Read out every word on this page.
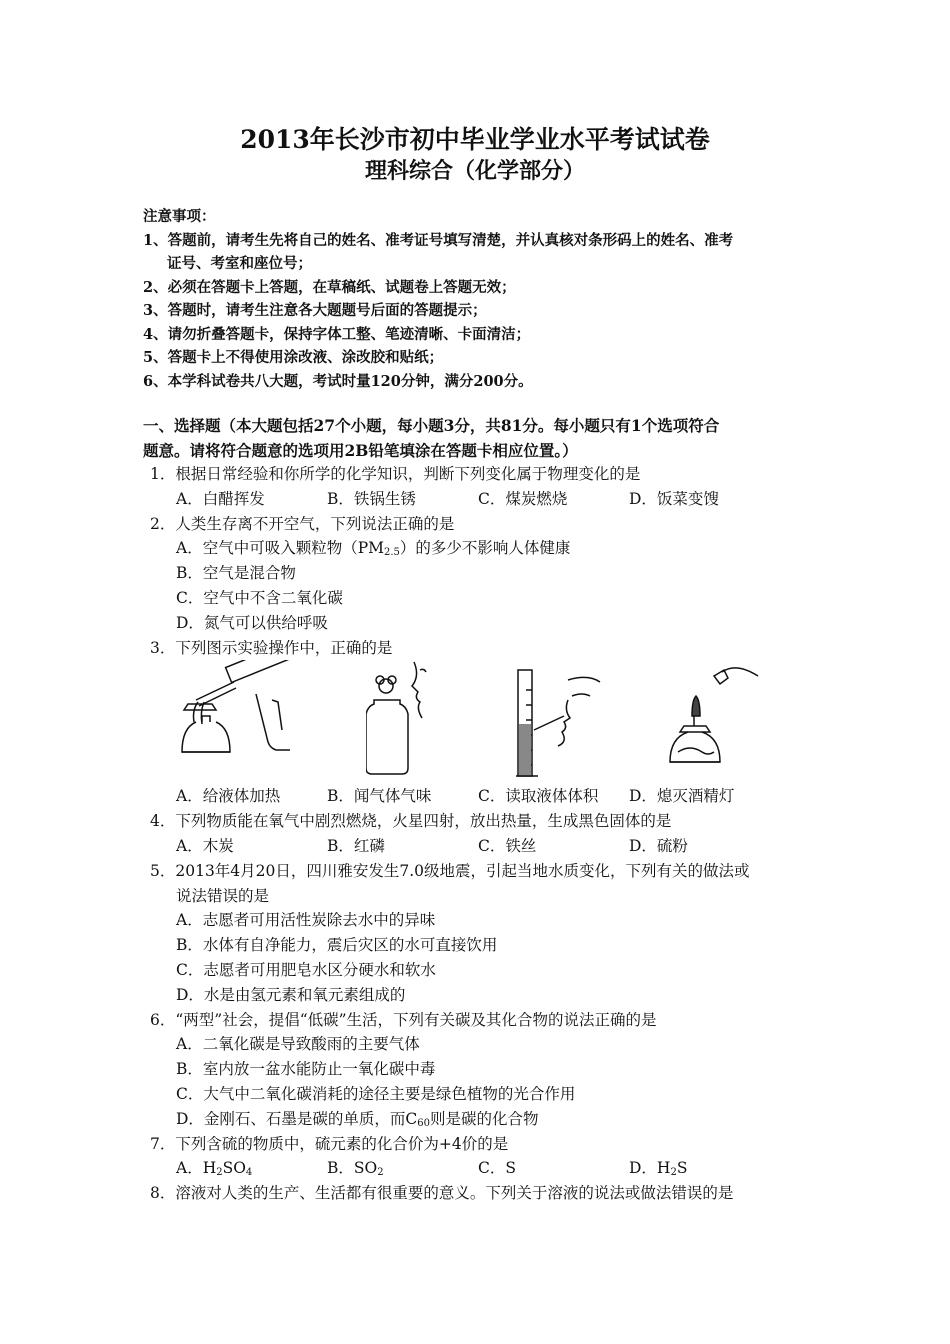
2013年长沙市初中毕业学业水平考试试卷
理科综合（化学部分）
注意事项：
1、答题前，请考生先将自己的姓名、准考证号填写清楚，并认真核对条形码上的姓名、准考
证号、考室和座位号；
2、必须在答题卡上答题，在草稿纸、试题卷上答题无效；
3、答题时，请考生注意各大题题号后面的答题提示；
4、请勿折叠答题卡，保持字体工整、笔迹清晰、卡面清洁；
5、答题卡上不得使用涂改液、涂改胶和贴纸；
6、本学科试卷共八大题，考试时量120分钟，满分200分。
一、选择题（本大题包括27个小题，每小题3分，共81分。每小题只有1个选项符合
题意。请将符合题意的选项用2B铅笔填涂在答题卡相应位置。）
1．根据日常经验和你所学的化学知识，判断下列变化属于物理变化的是
A．白醋挥发	B．铁锅生锈	C．煤炭燃烧	D．饭菜变馊
2．人类生存离不开空气，下列说法正确的是
A．空气中可吸入颗粒物$(PM_{2.5})$的多少不影响人体健康
B．空气是混合物
C．空气中不含二氧化碳
D．氮气可以供给呼吸
3．下列图示实验操作中，正确的是
A．给液体加热	B．闻气体气味	C．读取液体体积	D．熄灭酒精灯
4．下列物质能在氧气中剧烈燃烧，火星四射，放出热量，生成黑色固体的是
A．木炭	B．红磷	C．铁丝	D．硫粉
5．2013年4月20日，四川雅安发生7.0级地震，引起当地水质变化，下列有关的做法或
说法错误的是
A．志愿者可用活性炭除去水中的异味
B．水体有自净能力，震后灾区的水可直接饮用
C．志愿者可用肥皂水区分硬水和软水
D．水是由氢元素和氧元素组成的
6．“两型”社会，提倡“低碳”生活，下列有关碳及其化合物的说法正确的是
A．二氧化碳是导致酸雨的主要气体
B．室内放一盆水能防止一氧化碳中毒
C．大气中二氧化碳消耗的途径主要是绿色植物的光合作用
D．金刚石、石墨是碳的单质，而$C_{60}$则是碳的化合物
7．下列含硫的物质中，硫元素的化合价为+4价的是
A．$H_2SO_4$	B．$SO_2$	C．S	D．$H_2S$
8．溶液对人类的生产、生活都有很重要的意义。下列关于溶液的说法或做法错误的是
